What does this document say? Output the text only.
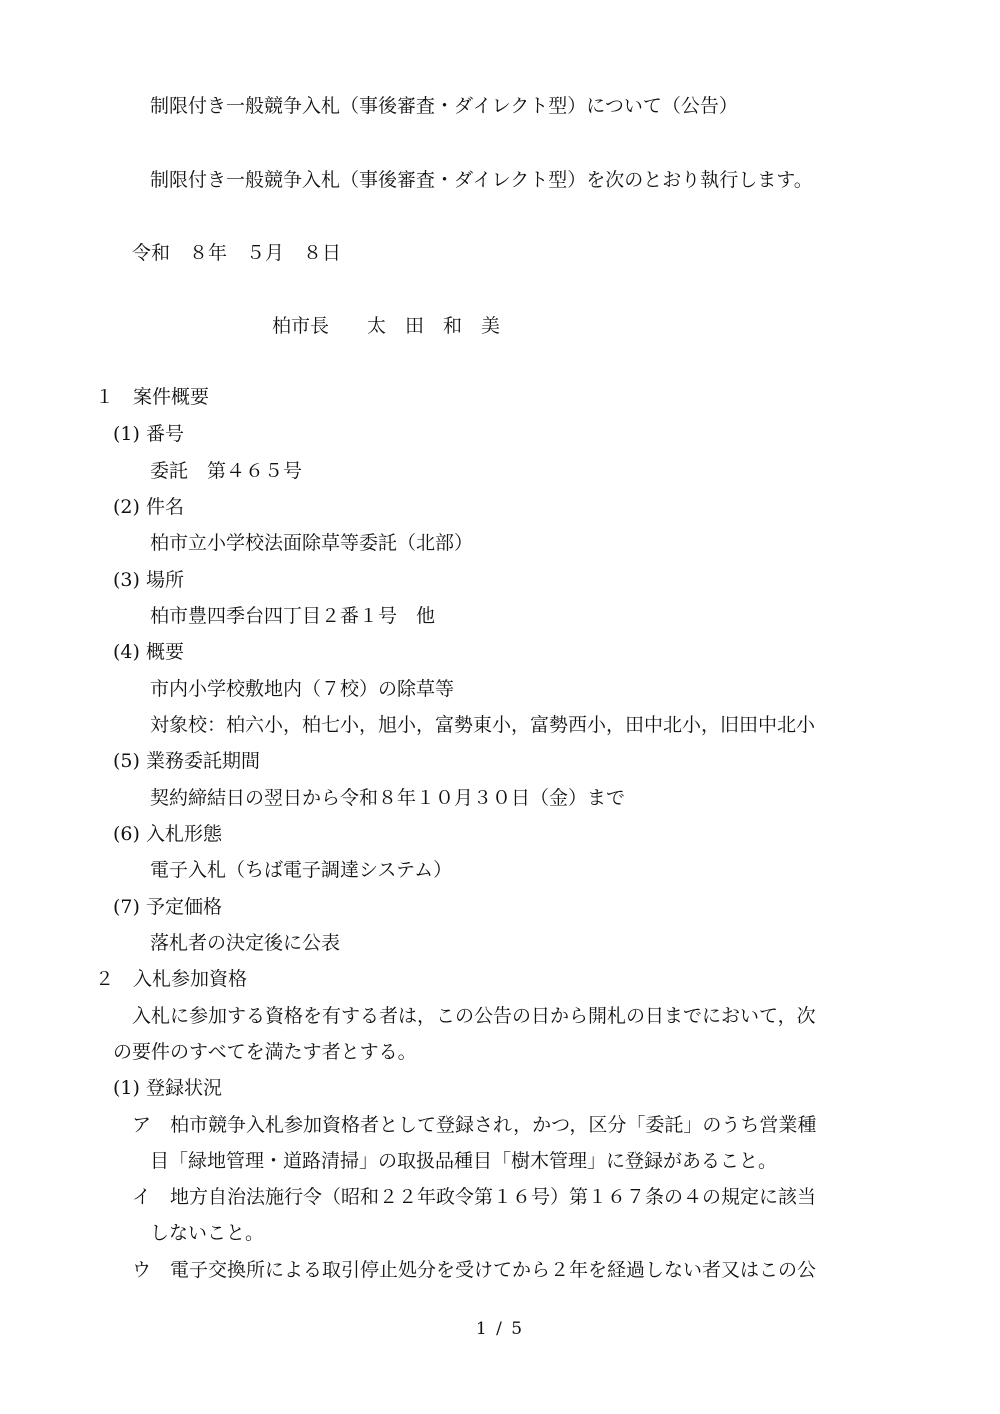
制限付き一般競争入札（事後審査・ダイレクト型）について（公告）

制限付き一般競争入札（事後審査・ダイレクト型）を次のとおり執行します。

令和　８年　５月　８日

柏市長　　太　田　和　美

１　案件概要

(1) 番号

委託　第４６５号

(2) 件名

柏市立小学校法面除草等委託（北部）

(3) 場所

柏市豊四季台四丁目２番１号　他

(4) 概要

市内小学校敷地内（７校）の除草等

対象校：柏六小，柏七小，旭小，富勢東小，富勢西小，田中北小，旧田中北小

(5) 業務委託期間

契約締結日の翌日から令和８年１０月３０日（金）まで

(6) 入札形態

電子入札（ちば電子調達システム）

(7) 予定価格

落札者の決定後に公表

２　入札参加資格

入札に参加する資格を有する者は，この公告の日から開札の日までにおいて，次

の要件のすべてを満たす者とする。

(1) 登録状況

ア　柏市競争入札参加資格者として登録され，かつ，区分「委託」のうち営業種

目「緑地管理・道路清掃」の取扱品種目「樹木管理」に登録があること。

イ　地方自治法施行令（昭和２２年政令第１６号）第１６７条の４の規定に該当

しないこと。

ウ　電子交換所による取引停止処分を受けてから２年を経過しない者又はこの公

1 / 5
